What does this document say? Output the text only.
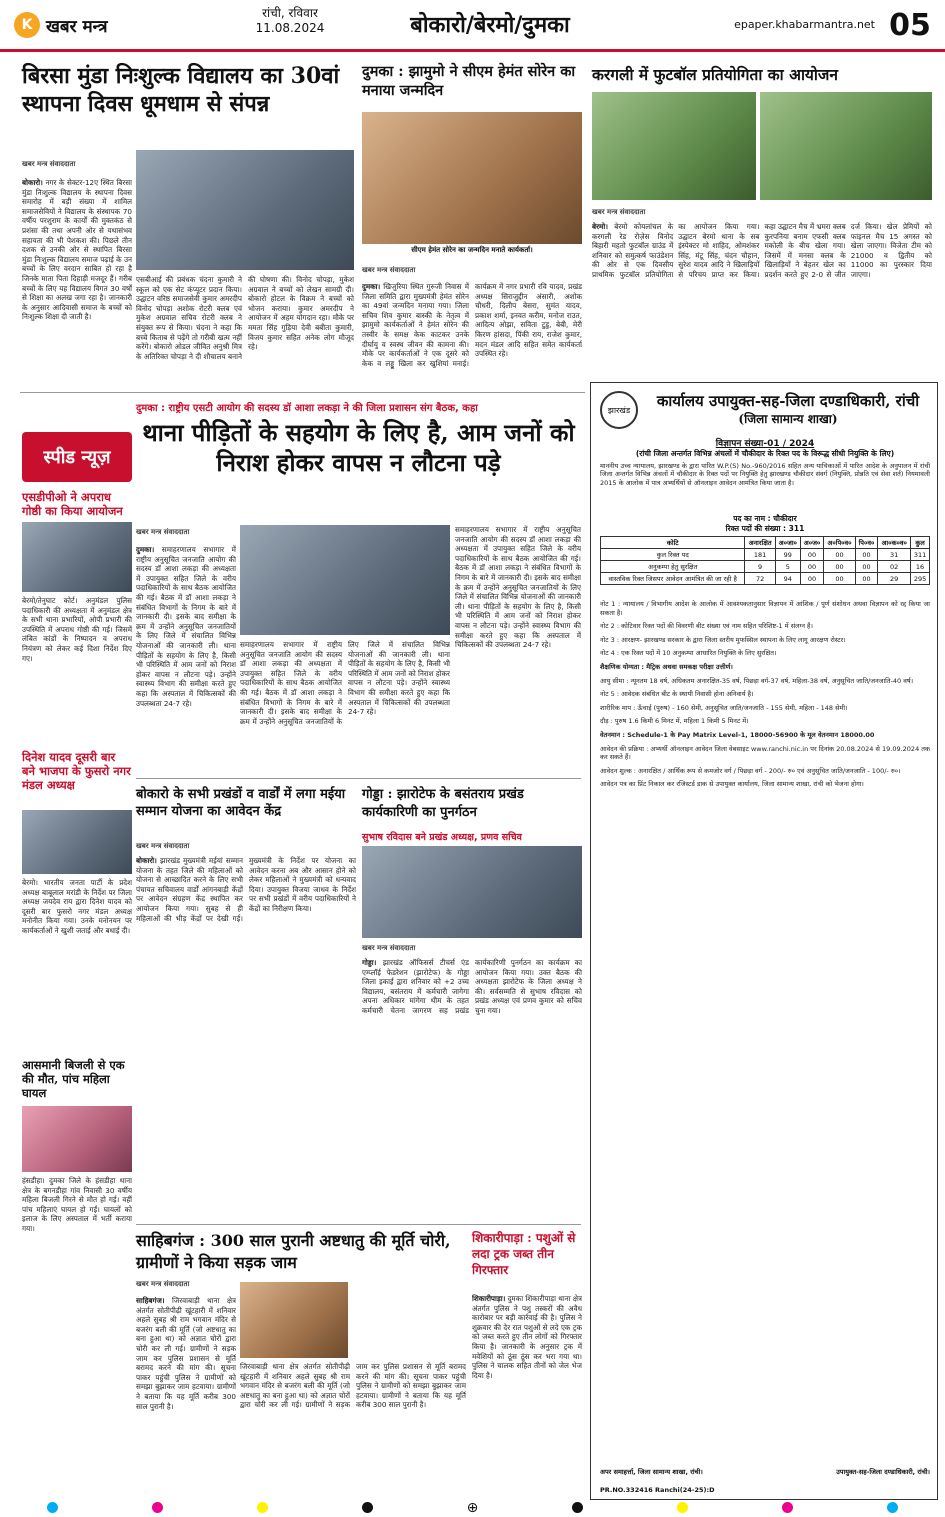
K खबर मन्त्र
रांची, रविवार
11.08.2024	बोकारो/बेरमो/दुमका	epaper.khabarmantra.net 05
बिरसा मुंडा निःशुल्क विद्यालय का 30वां स्थापना दिवस धूमधाम से संपन्न
खबर मन्त्र संवाददाता
बोकारो। नगर के सेक्टर-12ए स्थित बिरसा मुंडा निःशुल्क विद्यालय के स्थापना दिवस समारोह में बड़ी संख्या में शामिल समाजसेवियों ने विद्यालय के संस्थापक 70 वर्षीय परशुराम के कार्यों की मुक्तकंठ से प्रशंसा की तथा अपनी ओर से यथासंभव सहायता की भी पेशकश की। पिछले तीन दशक से उनकी ओर से स्थापित बिरसा मुंडा निःशुल्क विद्यालय समाज पढ़ाई के उन बच्चों के लिए वरदान साबित हो रहा है जिनके माता पिता दिहाड़ी मजदूर हैं। गरीब बच्चों के लिए यह विद्यालय विगत 30 वर्षों से शिक्षा का अलख जगा रहा है। जानकारी के अनुसार आदिवासी समाज के बच्चों को निःशुल्क शिक्षा दी जाती है।
एसबीआई की प्रबंधक चंदना कुमारी ने स्कूल को एक सेट कंप्यूटर प्रदान किया। उद्घाटन वरिष्ठ समाजसेवी कुमार अमरदीप विनोद चोपड़ा अशोक रोटरी क्लब एवं मुकेश अग्रवाल सचिव रोटरी क्लब ने संयुक्त रूप से किया। चंदना ने कहा कि बच्चे किताब से पढ़ेंगे तो गरीबी खत्म नहीं करेंगे। बोकारो ओडल जीवित अनुश्री मित्र के अतिरिक्त चोपड़ा ने दी शौचालय बनाने की घोषणा की। विनोद चोपड़ा, मुकेश अग्रवाल ने बच्चों को लेखन सामग्री दी। बोकारो होटल के विक्रम ने बच्चों को भोजन कराया। कुमार अमरदीप ने आयोजन में अहम योगदान रहा। मौके पर ममता सिंह गुड़िया देवी बबीता कुमारी, विजय कुमार सहित अनेक लोग मौजूद रहे।
दुमका : झामुमो ने सीएम हेमंत सोरेन का मनाया जन्मदिन
सीएम हेमंत सोरेन का जन्मदिन मनाते कार्यकर्ता।
खबर मन्त्र संवाददाता
दुमका। खिजुरिया स्थित गुरुजी निवास में जिला समिति द्वारा मुख्यमंत्री हेमंत सोरेन का 49वां जन्मदिन मनाया गया। जिला सचिव शिव कुमार बास्की के नेतृत्व में झामुमो कार्यकर्ताओं ने हेमंत सोरेन की तस्वीर के समक्ष केक काटकर उनके दीर्घायु व स्वस्थ जीवन की कामना की। मौके पर कार्यकर्ताओं ने एक दूसरे को केक व लड्डू खिला कर खुशियां मनाई। कार्यक्रम में नगर प्रभारी रवि यादव, प्रखंड अध्यक्ष सिराजुद्दीन अंसारी, अशोक चौधरी, दिलीप बेसरा, सुमंत यादव, प्रकाश शर्मा, इनवत करीम, मनोज राउत, आदित्य ओझा, सविता टुडु, बेबी, मेरी किरण हांसदा, पिंकी राय, राजेश कुमार, मदन मंडल आदि सहित समेत कार्यकर्ता उपस्थित रहे।
करगली में फुटबॉल प्रतियोगिता का आयोजन
खबर मन्त्र संवाददाता
बेरमो। बेरमो कोयलांचल के करगली रेड रोज़ेस विनोद बिहारी महतो फुटबॉल ग्राउंड में शनिवार को समुत्कर्ष फाउंडेशन की ओर से एक दिवसीय प्राथमिक फुटबॉल प्रतियोगिता का आयोजन किया गया। उद्घाटन बेरमो थाना के सब इंस्पेक्टर मो शाहिद, ओमशंकर सिंह, मंटू सिंह, चंदन चौहान, सुरेश यादव आदि ने खिलाड़ियों से परिचय प्राप्त कर किया। कहा उद्घाटन मैच में भ्रमरा क्लब कुरपनिया बनाम एफसी क्लब मकोली के बीच खेला गया। जिसमें में मनसा क्लब के खिलाड़ियों ने बेहतर खेल का प्रदर्शन करते हुए 2-0 से जीत दर्ज किया। खेल प्रेमियों को फाइनल मैच 15 अगस्त को खेला जाएगा। विजेता टीम को 21000 व द्वितीय को 11000 का पुरस्कार दिया जाएगा।
स्पीड न्यूज़
एसडीपीओ ने अपराध गोष्ठी का किया आयोजन
बेरमो/तेनुघाट कोर्ट। अनुमंडल पुलिस पदाधिकारी की अध्यक्षता में अनुमंडल क्षेत्र के सभी थाना प्रभारियों, ओपी प्रभारी की उपस्थिति में अपराध गोष्ठी की गई। जिसमें लंबित कांडों के निष्पादन व अपराध नियंत्रण को लेकर कई दिशा निर्देश दिए गए।
दिनेश यादव दूसरी बार बने भाजपा के फुसरो नगर मंडल अध्यक्ष
बेरमो। भारतीय जनता पार्टी के प्रदेश अध्यक्ष बाबूलाल मरांडी के निर्देश पर जिला अध्यक्ष जयदेव राय द्वारा दिनेश यादव को दूसरी बार फुसरो नगर मंडल अध्यक्ष मनोनीत किया गया। उनके मनोनयन पर कार्यकर्ताओं ने खुशी जताई और बधाई दी।
आसमानी बिजली से एक की मौत, पांच महिला घायल
हंसडीहा। दुमका जिले के हंसडीहा थाना क्षेत्र के बगनडीहा गांव निवासी 30 वर्षीय महिला बिजली गिरने से मौत हो गई। वहीं पांच महिलाएं घायल हो गईं। घायलों को इलाज के लिए अस्पताल में भर्ती कराया गया।
दुमका : राष्ट्रीय एसटी आयोग की सदस्य डॉ आशा लकड़ा ने की जिला प्रशासन संग बैठक, कहा
थाना पीड़ितों के सहयोग के लिए है, आम जनों को निराश होकर वापस न लौटना पड़े
खबर मन्त्र संवाददाता
दुमका। समाहरणालय सभागार में राष्ट्रीय अनुसूचित जनजाति आयोग की सदस्य डॉ आशा लकड़ा की अध्यक्षता में उपायुक्त सहित जिले के वरीय पदाधिकारियों के साथ बैठक आयोजित की गई। बैठक में डॉ आशा लकड़ा ने संबंधित विभागों के निगम के बारे में जानकारी दी। इसके बाद समीक्षा के क्रम में उन्होंने अनुसूचित जनजातियों के लिए जिले में संचालित विभिन्न योजनाओं की जानकारी ली। थाना पीड़ितों के सहयोग के लिए है, किसी भी परिस्थिति में आम जनों को निराश होकर वापस न लौटना पड़े। उन्होंने स्वास्थ्य विभाग की समीक्षा करते हुए कहा कि अस्पताल में चिकित्सकों की उपलब्धता 24-7 रहे।
समाहरणालय सभागार में राष्ट्रीय अनुसूचित जनजाति आयोग की सदस्य डॉ आशा लकड़ा की अध्यक्षता में उपायुक्त सहित जिले के वरीय पदाधिकारियों के साथ बैठक आयोजित की गई। बैठक में डॉ आशा लकड़ा ने संबंधित विभागों के निगम के बारे में जानकारी दी। इसके बाद समीक्षा के क्रम में उन्होंने अनुसूचित जनजातियों के लिए जिले में संचालित विभिन्न योजनाओं की जानकारी ली। थाना पीड़ितों के सहयोग के लिए है, किसी भी परिस्थिति में आम जनों को निराश होकर वापस न लौटना पड़े। उन्होंने स्वास्थ्य विभाग की समीक्षा करते हुए कहा कि अस्पताल में चिकित्सकों की उपलब्धता 24-7 रहे।
समाहरणालय सभागार में राष्ट्रीय अनुसूचित जनजाति आयोग की सदस्य डॉ आशा लकड़ा की अध्यक्षता में उपायुक्त सहित जिले के वरीय पदाधिकारियों के साथ बैठक आयोजित की गई। बैठक में डॉ आशा लकड़ा ने संबंधित विभागों के निगम के बारे में जानकारी दी। इसके बाद समीक्षा के क्रम में उन्होंने अनुसूचित जनजातियों के लिए जिले में संचालित विभिन्न योजनाओं की जानकारी ली। थाना पीड़ितों के सहयोग के लिए है, किसी भी परिस्थिति में आम जनों को निराश होकर वापस न लौटना पड़े। उन्होंने स्वास्थ्य विभाग की समीक्षा करते हुए कहा कि अस्पताल में चिकित्सकों की उपलब्धता 24-7 रहे।
बोकारो के सभी प्रखंडों व वार्डों में लगा मईया सम्मान योजना का आवेदन केंद्र
खबर मन्त्र संवाददाता
बोकारो। झारखंड मुख्यमंत्री मईयां सम्मान योजना के तहत जिले की महिलाओं को योजना से आच्छादित करने के लिए सभी पंचायत सचिवालय वार्डों आंगनबाड़ी केंद्रों पर आवेदन संग्रहण केंद्र स्थापित कर आयोजन किया गया। सुबह से ही महिलाओं की भीड़ केंद्रों पर देखी गई। मुख्यमंत्री के निर्देश पर योजना का आवेदन करना अब और आसान होने को लेकर महिलाओं ने मुख्यमंत्री को धन्यवाद दिया। उपायुक्त विजया जाधव के निर्देश पर सभी प्रखंडों में वरीय पदाधिकारियों ने केंद्रों का निरीक्षण किया।
गोड्डा : झारोटेफ के बसंतराय प्रखंड कार्यकारिणी का पुनर्गठन
सुभाष रविदास बने प्रखंड अध्यक्ष, प्रणव सचिव
खबर मन्त्र संवाददाता
गोड्डा। झारखंड ऑफिसर्स टीचर्स एंड एम्प्लॉई फेडरेशन (झारोटेफ) के गोड्डा जिला इकाई द्वारा शनिवार को +2 उच्च विद्यालय, बसंतराय में कर्मचारी जागेगा अपना अधिकार मांगेगा थीम के तहत कर्मचारी चेतना जागरण सह प्रखंड कार्यकारिणी पुनर्गठन का कार्यक्रम का आयोजन किया गया। उक्त बैठक की अध्यक्षता झारोटेफ के जिला अध्यक्ष ने की। सर्वसम्मति से सुभाष रविदास को प्रखंड अध्यक्ष एवं प्रणव कुमार को सचिव चुना गया।
साहिबगंज : 300 साल पुरानी अष्टधातु की मूर्ति चोरी, ग्रामीणों ने किया सड़क जाम
खबर मन्त्र संवाददाता
साहिबगंज। जिरवाबाड़ी थाना क्षेत्र अंतर्गत सोतीपीढ़ी खूंटहारी में शनिवार अहले सुबह श्री राम भगवान मंदिर से बजरंग बली की मूर्ति (जो अष्टधातु का बना हुआ था) को अज्ञात चोरों द्वारा चोरी कर ली गई। ग्रामीणों ने सड़क जाम कर पुलिस प्रशासन से मूर्ति बरामद करने की मांग की। सूचना पाकर पहुंची पुलिस ने ग्रामीणों को समझा बुझाकर जाम हटवाया। ग्रामीणों ने बताया कि यह मूर्ति करीब 300 साल पुरानी है।
जिरवाबाड़ी थाना क्षेत्र अंतर्गत सोतीपीढ़ी खूंटहारी में शनिवार अहले सुबह श्री राम भगवान मंदिर से बजरंग बली की मूर्ति (जो अष्टधातु का बना हुआ था) को अज्ञात चोरों द्वारा चोरी कर ली गई। ग्रामीणों ने सड़क जाम कर पुलिस प्रशासन से मूर्ति बरामद करने की मांग की। सूचना पाकर पहुंची पुलिस ने ग्रामीणों को समझा बुझाकर जाम हटवाया। ग्रामीणों ने बताया कि यह मूर्ति करीब 300 साल पुरानी है।
शिकारीपाड़ा : पशुओं से लदा ट्रक जब्त तीन गिरफ्तार
शिकारीपाड़ा। दुमका शिकारीपाड़ा थाना क्षेत्र अंतर्गत पुलिस ने पशु तस्करों की अवैध कारोबार पर बड़ी कार्रवाई की है। पुलिस ने शुक्रवार की देर रात पशुओं से लदे एक ट्रक को जब्त करते हुए तीन लोगों को गिरफ्तार किया है। जानकारी के अनुसार ट्रक में मवेशियों को ठूंस ठूंस कर भरा गया था। पुलिस ने चालक सहित तीनों को जेल भेज दिया है।
झारखंड	कार्यालय उपायुक्त-सह-जिला दण्डाधिकारी, रांची
(जिला सामान्य शाखा)
विज्ञापन संख्या-01 / 2024
(रांची जिला अन्तर्गत विभिन्न अंचलों में चौकीदार के रिक्त पद के विरूद्ध सीधी नियुक्ति के लिए)
माननीय उच्च न्यायालय, झारखण्ड के द्वारा पारित W.P.(S) No.-960/2016 सहित अन्य याचिकाओं में पारित आदेश के अनुपालन में रांची जिला अन्तर्गत विभिन्न अंचलों में चौकीदार के रिक्त पदों पर नियुक्ति हेतु झारखण्ड चौकीदार संवर्ग (नियुक्ति, प्रोन्नति एवं सेवा शर्त) नियमावली 2015 के आलोक में पात्र अभ्यर्थियों से ऑनलाइन आवेदन आमंत्रित किया जाता है।
पद का नाम : चौकीदार
रिक्त पदों की संख्या : 311
कोटि	अनारक्षित	अ०जा०	अ०ज०	अ०पि०व०	पि०व०	आ०क०व०	कुल
कुल रिक्त पद	181	99	00	00	00	31	311
अनुकम्पा हेतु सुरक्षित	9	5	00	00	00	02	16
वास्तविक रिक्त जिसपर आवेदन आमंत्रित की जा रही है	72	94	00	00	00	29	295

नोट 1 : न्यायालय / विभागीय आदेश के आलोक में आवश्यकतानुसार विज्ञापन में आंशिक / पूर्ण संशोधन अथवा विज्ञापन को रद्द किया जा सकता है।

नोट 2 : कोटिवार रिक्त पदों की विवरणी बीट संख्या एवं नाम सहित परिशिष्ट-1 में संलग्न है।

नोट 3 : आरक्षण- झारखण्ड सरकार के द्वारा जिला स्तरीय मुफस्सिल स्थापना के लिए लागू आरक्षण रोस्टर।

नोट 4 : एक रिक्त पदों में 10 अनुकम्पा आधारित नियुक्ति के लिए सुरक्षित।

शैक्षणिक योग्यता : मैट्रिक अथवा समकक्ष परीक्षा उत्तीर्ण।

आयु सीमा : न्यूनतम 18 वर्ष, अधिकतम अनारक्षित-35 वर्ष, पिछड़ा वर्ग-37 वर्ष, महिला-38 वर्ष, अनुसूचित जाति/जनजाति-40 वर्ष।

नोट 5 : आवेदक संबंधित बीट के स्थायी निवासी होना अनिवार्य है।

शारीरिक माप : ऊँचाई (पुरुष) - 160 सेमी, अनुसूचित जाति/जनजाति - 155 सेमी, महिला - 148 सेमी।

दौड़ : पुरुष 1.6 किमी 6 मिनट में, महिला 1 किमी 5 मिनट में।

वेतनमान : Schedule-1 के Pay Matrix Level-1, 18000-56900 के मूल वेतनमान 18000.00

आवेदन की प्रक्रिया : अभ्यर्थी ऑनलाइन आवेदन जिला वेबसाइट www.ranchi.nic.in पर दिनांक 20.08.2024 से 19.09.2024 तक कर सकते हैं।

आवेदन शुल्क : अनारक्षित / आर्थिक रूप से कमजोर वर्ग / पिछड़ा वर्ग - 200/- रु० एवं अनुसूचित जाति/जनजाति - 100/- रु०।

आवेदन पत्र का प्रिंट निकाल कर रजिस्टर्ड डाक से उपायुक्त कार्यालय, जिला सामान्य शाखा, रांची को भेजना होगा।

अपर समाहर्त्ता, जिला सामान्य शाखा, रांची।	उपायुक्त-सह-जिला दण्डाधिकारी, रांची।
PR.NO.332416 Ranchi(24-25):D
⊕
